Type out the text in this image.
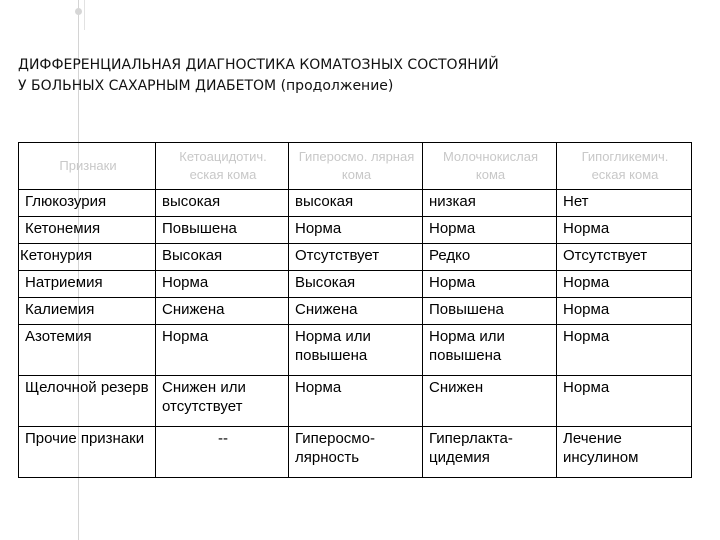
ДИФФЕРЕНЦИАЛЬНАЯ ДИАГНОСТИКА КОМАТОЗНЫХ СОСТОЯНИЙ
У БОЛЬНЫХ САХАРНЫМ ДИАБЕТОМ (продолжение)
Признаки	Кетоацидотич. еская кома	Гиперосмо. лярная кома	Молочнокислая кома	Гипогликемич. еская кома
Глюкозурия	высокая	высокая	низкая	Нет
Кетонемия	Повышена	Норма	Норма	Норма
Кетонурия	Высокая	Отсутствует	Редко	Отсутствует
Натриемия	Норма	Высокая	Норма	Норма
Калиемия	Снижена	Снижена	Повышена	Норма
Азотемия	Норма	Норма или повышена	Норма или повышена	Норма
Щелочной резерв	Снижен или отсутствует	Норма	Снижен	Норма
Прочие признаки	--	Гиперосмо-лярность	Гиперлакта-цидемия	Лечение инсулином
